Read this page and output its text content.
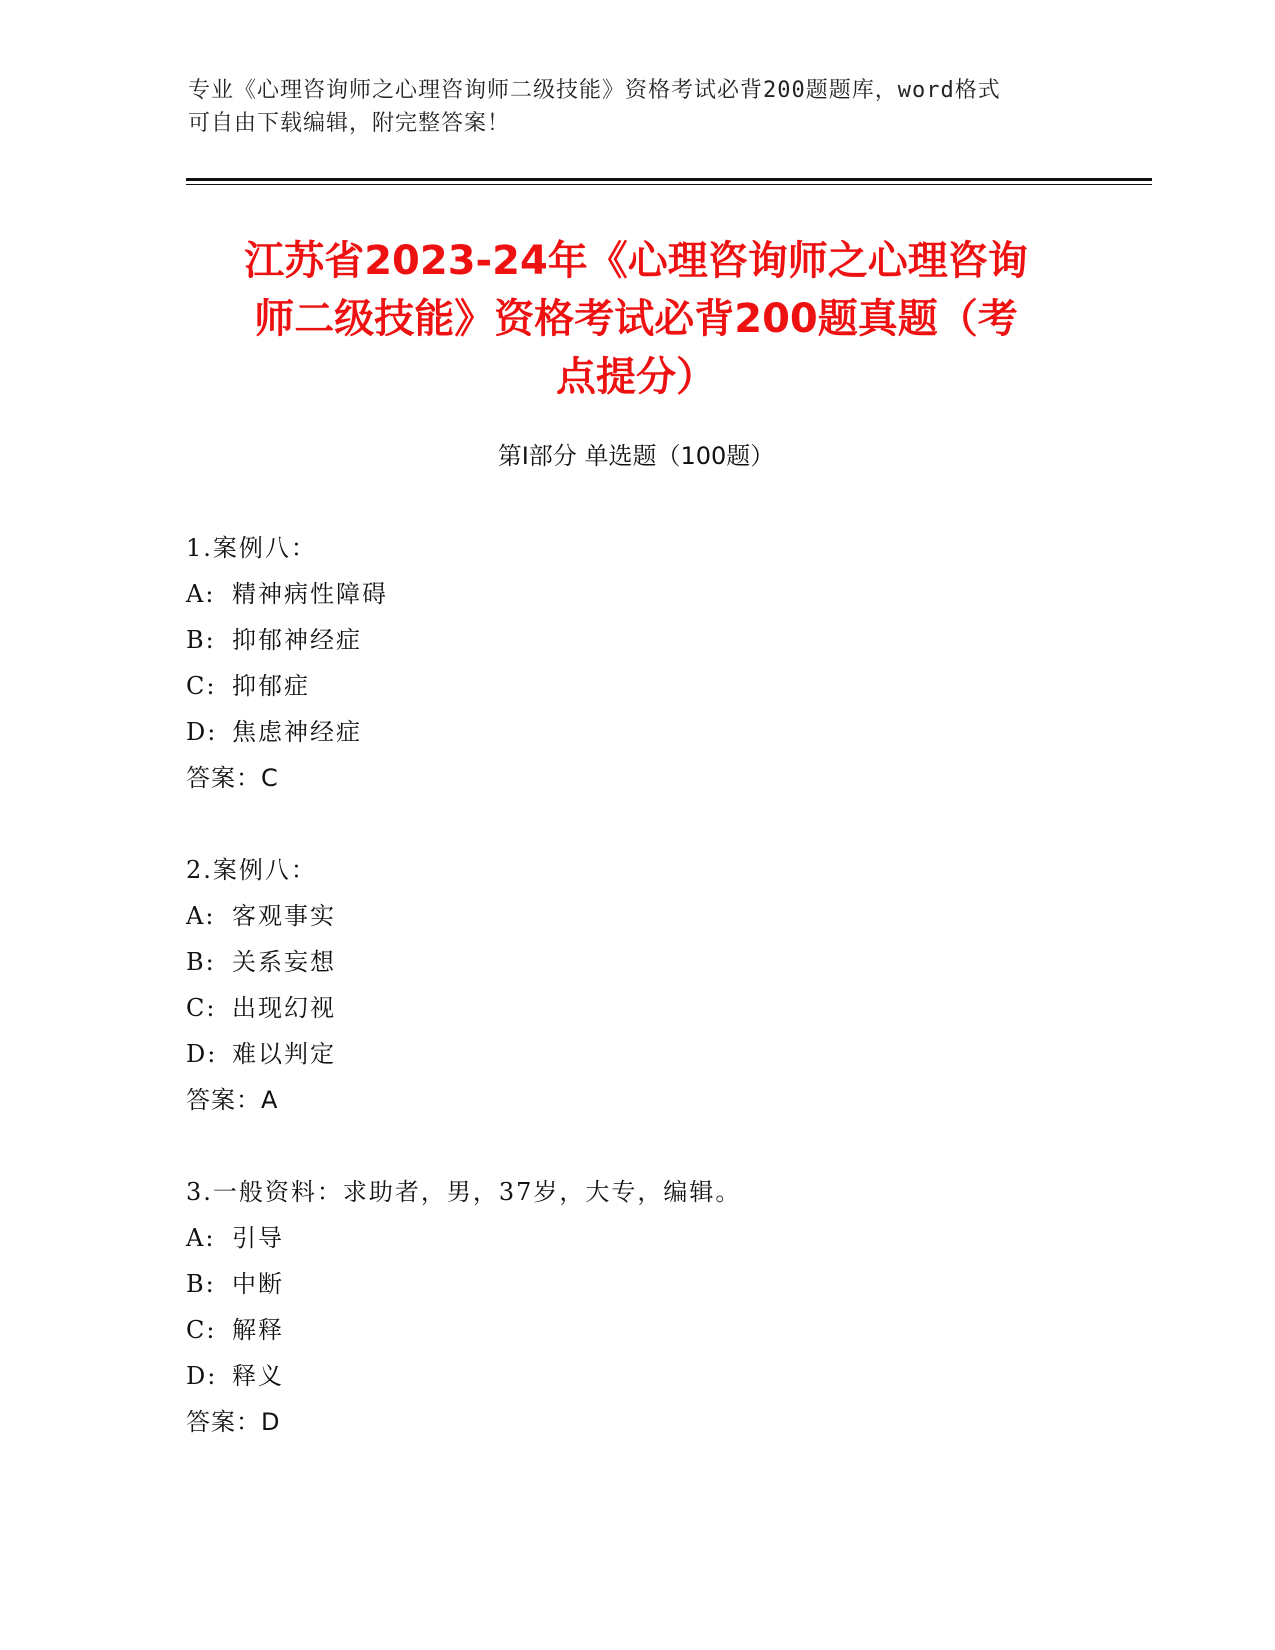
专业《心理咨询师之心理咨询师二级技能》资格考试必背200题题库，word格式
可自由下载编辑，附完整答案！
江苏省2023-24年《心理咨询师之心理咨询
师二级技能》资格考试必背200题真题（考
点提分）
第Ⅰ部分 单选题（100题）
1.案例八：
A: 精神病性障碍
B: 抑郁神经症
C: 抑郁症
D: 焦虑神经症
答案：C
2.案例八：
A: 客观事实
B: 关系妄想
C: 出现幻视
D: 难以判定
答案：A
3.一般资料：求助者，男，37岁，大专，编辑。
A: 引导
B: 中断
C: 解释
D: 释义
答案：D
